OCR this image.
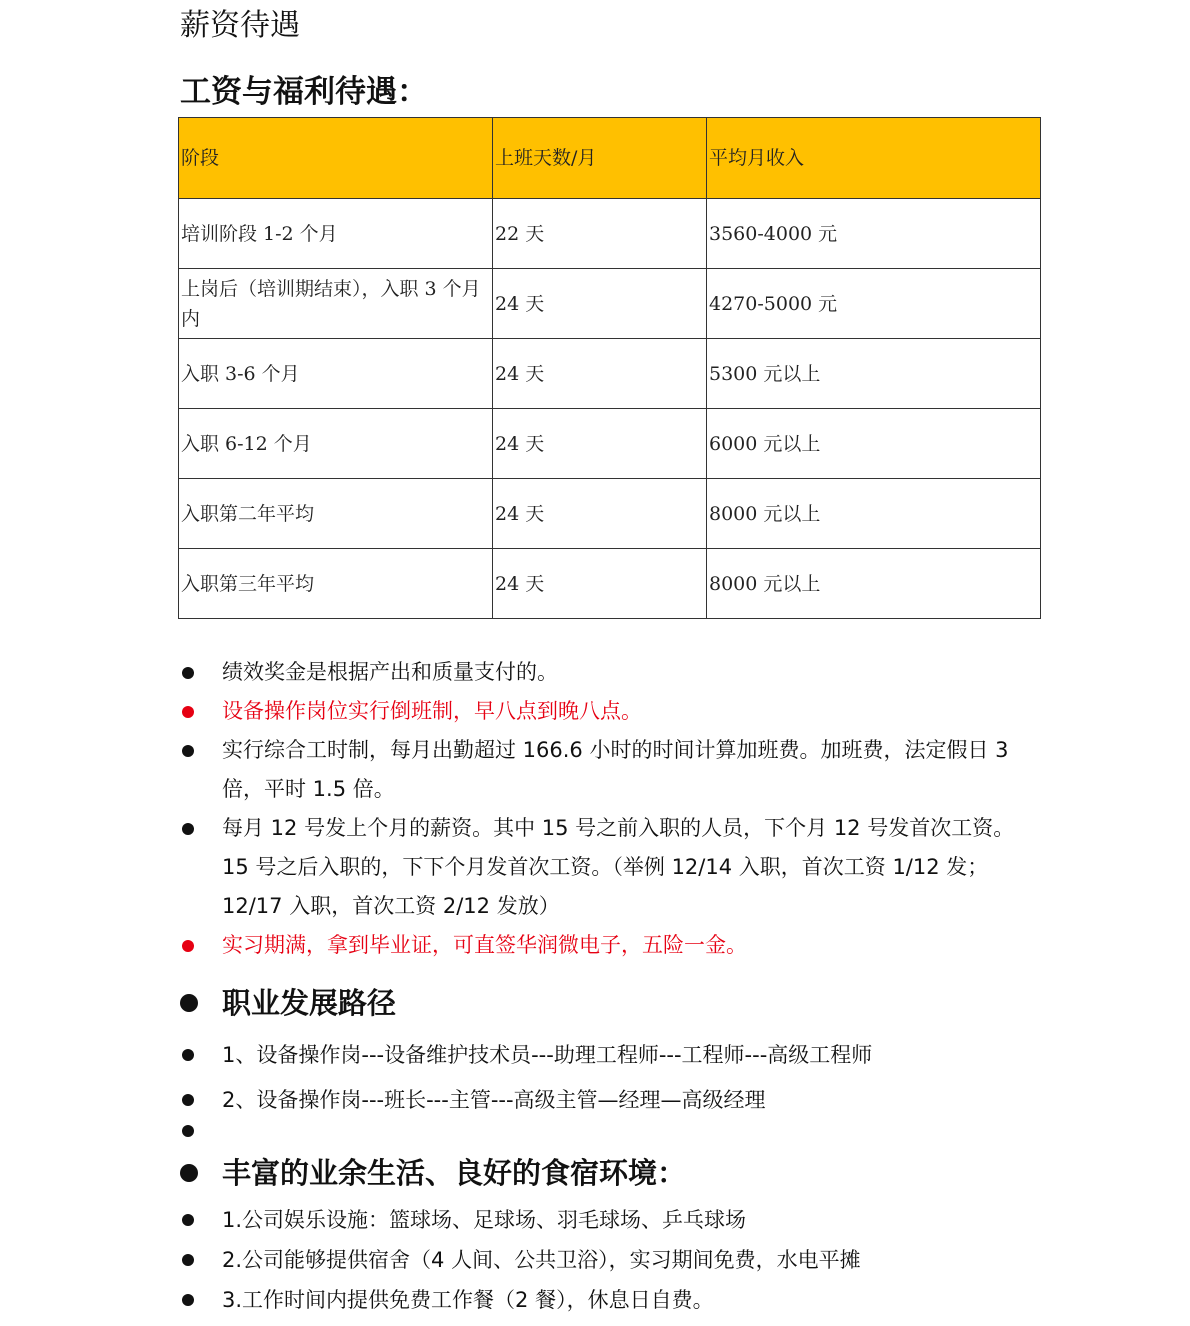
薪资待遇
工资与福利待遇：
阶段	上班天数/月	平均月收入
培训阶段 1-2 个月	22 天	3560-4000 元
上岗后（培训期结束），入职 3 个月内	24 天	4270-5000 元
入职 3-6 个月	24 天	5300 元以上
入职 6-12 个月	24 天	6000 元以上
入职第二年平均	24 天	8000 元以上
入职第三年平均	24 天	8000 元以上
绩效奖金是根据产出和质量支付的。
设备操作岗位实行倒班制，早八点到晚八点。
实行综合工时制，每月出勤超过 166.6 小时的时间计算加班费。加班费，法定假日 3 倍，平时 1.5 倍。
每月 12 号发上个月的薪资。其中 15 号之前入职的人员，下个月 12 号发首次工资。15 号之后入职的，下下个月发首次工资。（举例 12/14 入职，首次工资 1/12 发；12/17 入职，首次工资 2/12 发放）
实习期满，拿到毕业证，可直签华润微电子，五险一金。
职业发展路径
1、设备操作岗---设备维护技术员---助理工程师---工程师---高级工程师
2、设备操作岗---班长---主管---高级主管—经理—高级经理
丰富的业余生活、良好的食宿环境：
1.公司娱乐设施：篮球场、足球场、羽毛球场、乒乓球场
2.公司能够提供宿舍（4 人间、公共卫浴），实习期间免费，水电平摊
3.工作时间内提供免费工作餐（2 餐），休息日自费。
